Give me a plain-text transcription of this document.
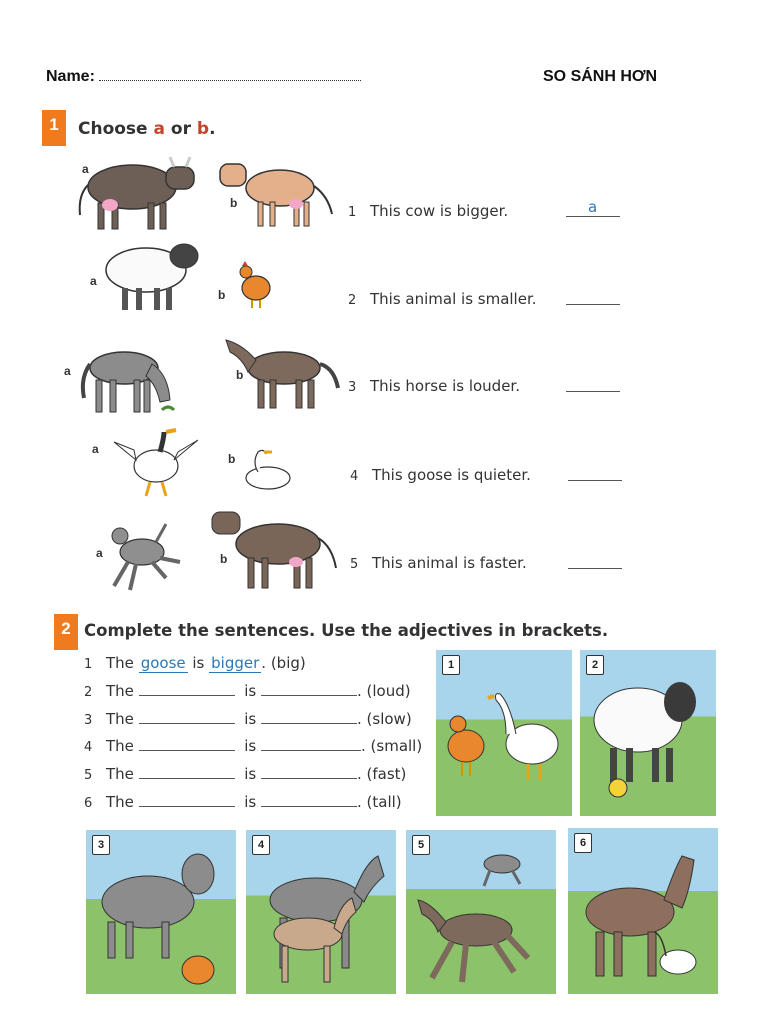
Name:	SO SÁNH HƠN
1	Choose a or b.
a
b
1 This cow is bigger.	a
a
b	2 This animal is smaller.
a	b
3 This horse is louder.
a
b
4 This goose is quieter.
a	b	5 This animal is faster.
2 Complete the sentences. Use the adjectives in brackets.
1 The goose is bigger . (big)
2 The	is	. (loud)
3 The	is	. (slow)
4 The	is	. (small)
5 The	is	. (fast)
6 The	is	. (tall)
1	2
3	4	5	6
